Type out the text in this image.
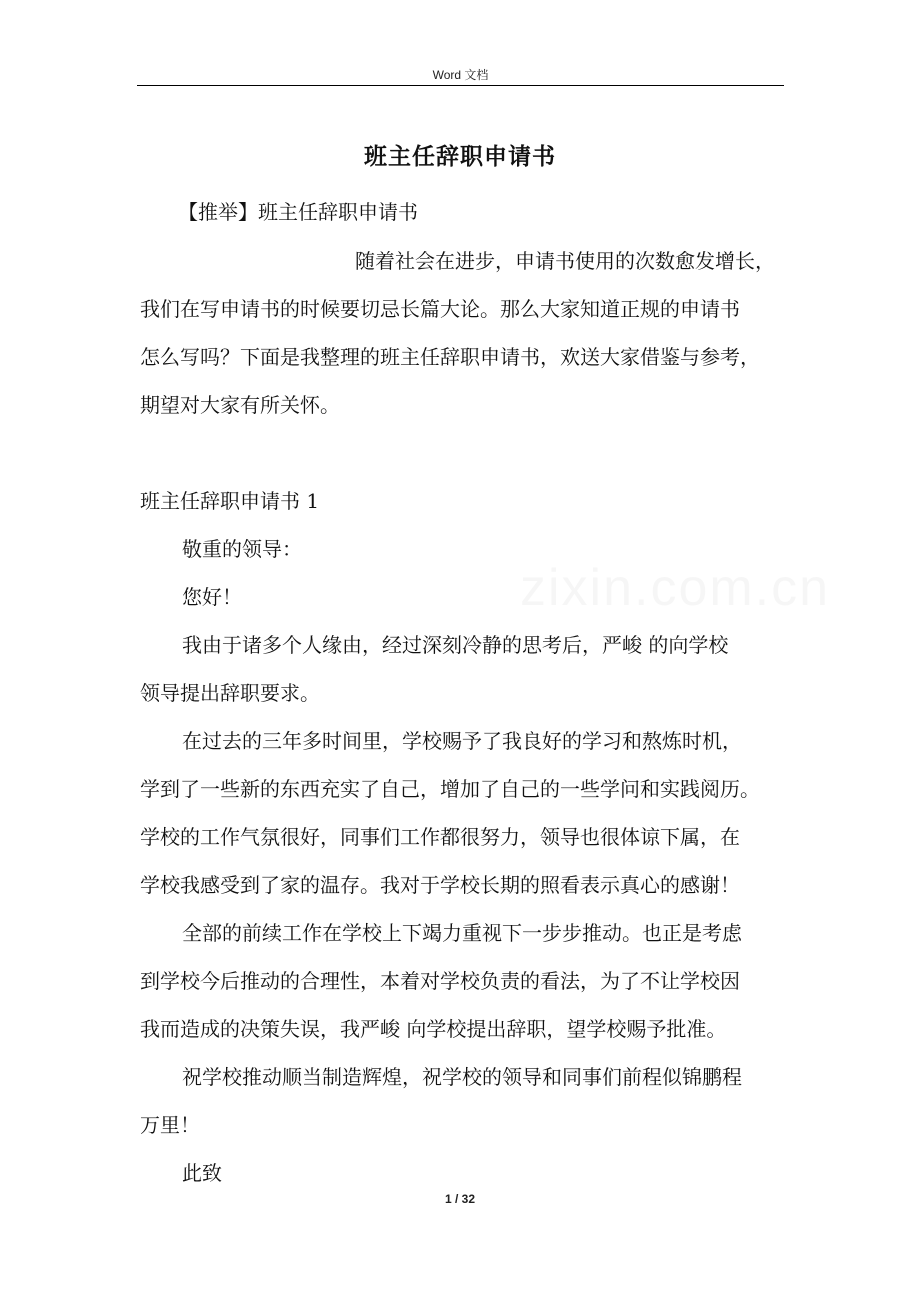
Word 文档
班主任辞职申请书
【推举】班主任辞职申请书
随着社会在进步，申请书使用的次数愈发增长，
我们在写申请书的时候要切忌长篇大论。那么大家知道正规的申请书
怎么写吗？下面是我整理的班主任辞职申请书，欢送大家借鉴与参考，
期望对大家有所关怀。
班主任辞职申请书 1
敬重的领导：
您好！
我由于诸多个人缘由，经过深刻冷静的思考后，严峻 的向学校
领导提出辞职要求。
在过去的三年多时间里，学校赐予了我良好的学习和熬炼时机，
学到了一些新的东西充实了自己，增加了自己的一些学问和实践阅历。
学校的工作气氛很好，同事们工作都很努力，领导也很体谅下属，在
学校我感受到了家的温存。我对于学校长期的照看表示真心的感谢！
全部的前续工作在学校上下竭力重视下一步步推动。也正是考虑
到学校今后推动的合理性，本着对学校负责的看法，为了不让学校因
我而造成的决策失误，我严峻 向学校提出辞职，望学校赐予批准。
祝学校推动顺当制造辉煌，祝学校的领导和同事们前程似锦鹏程
万里！
此致
1 / 32
